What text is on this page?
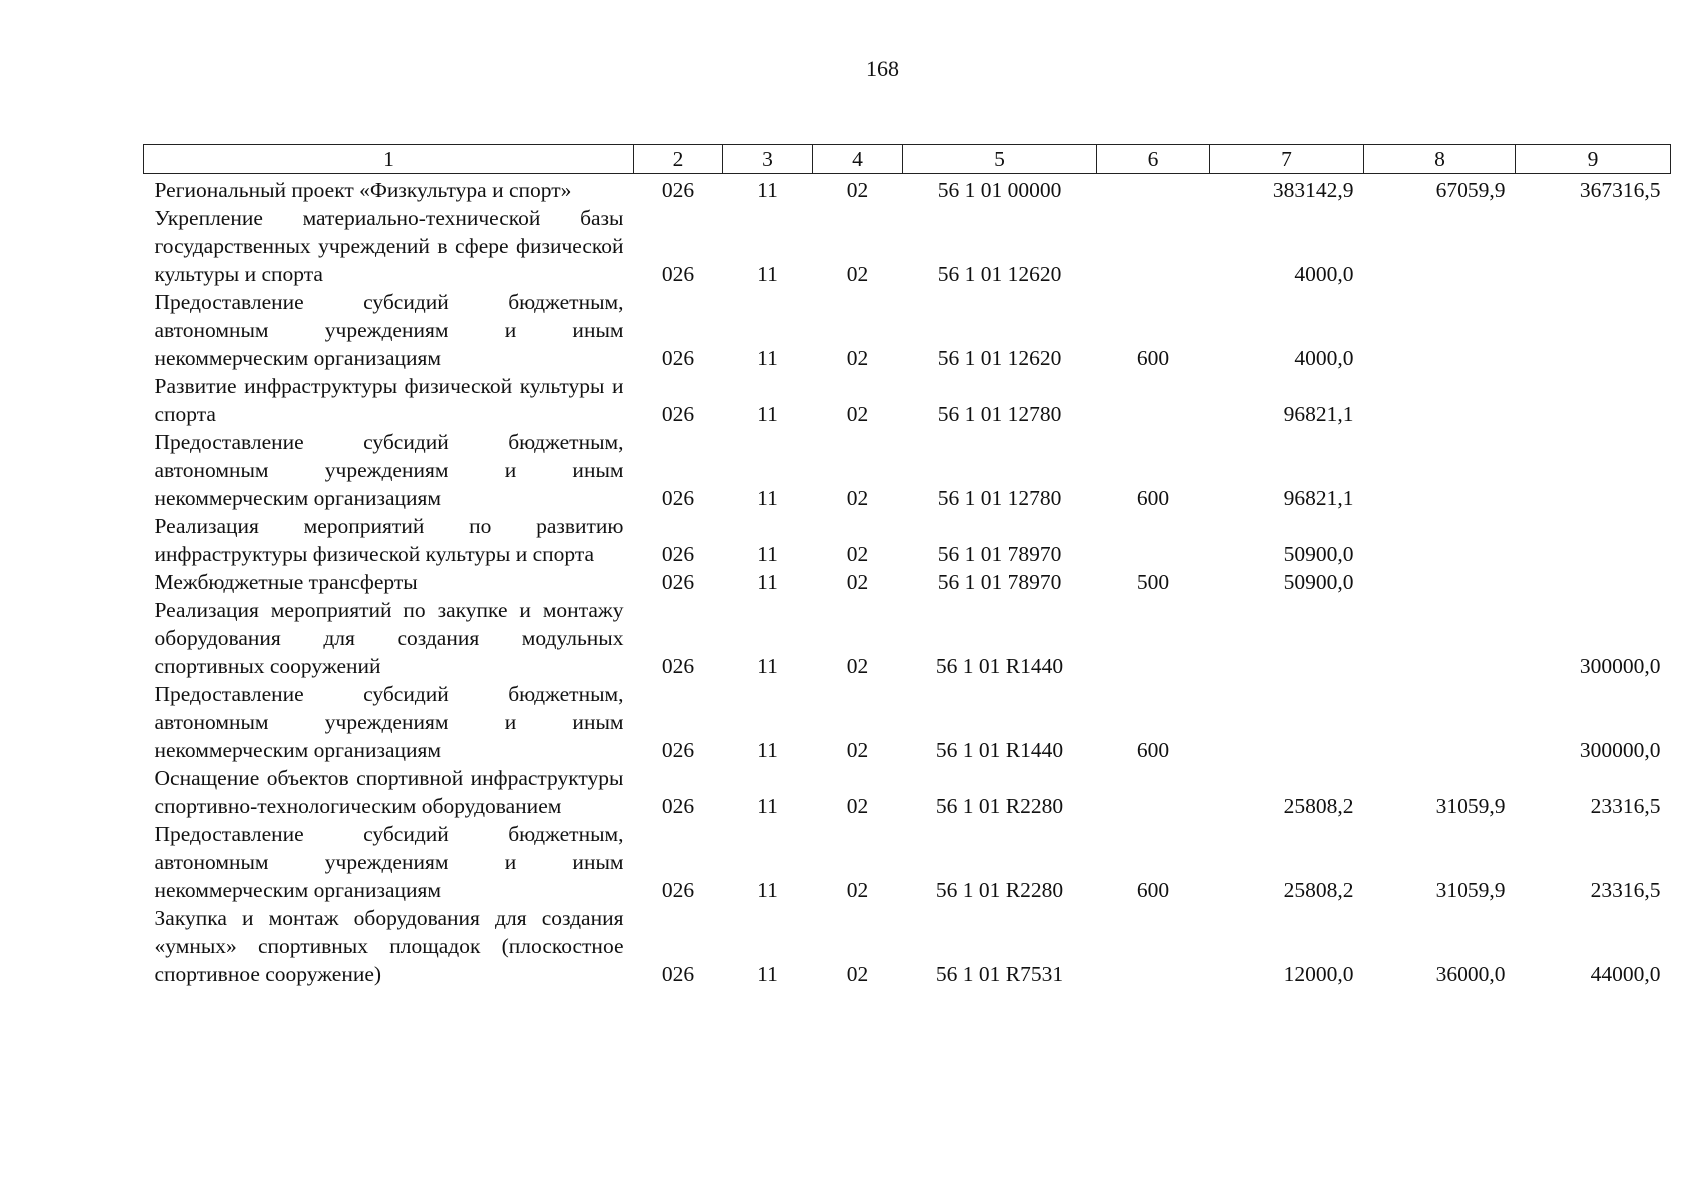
168
1	2	3	4	5	6	7	8	9
Региональный проект «Физкультура и спорт»	026	11	02	56 1 01 00000		383142,9	67059,9	367316,5
Укрепление материально-технической базы государственных учреждений в сфере физической культуры и спорта	026	11	02	56 1 01 12620		4000,0		
Предоставление субсидий бюджетным, автономным учреждениям и иным некоммерческим организациям	026	11	02	56 1 01 12620	600	4000,0		
Развитие инфраструктуры физической культуры и спорта	026	11	02	56 1 01 12780		96821,1		
Предоставление субсидий бюджетным, автономным учреждениям и иным некоммерческим организациям	026	11	02	56 1 01 12780	600	96821,1		
Реализация мероприятий по развитию инфраструктуры физической культуры и спорта	026	11	02	56 1 01 78970		50900,0		
Межбюджетные трансферты	026	11	02	56 1 01 78970	500	50900,0		
Реализация мероприятий по закупке и монтажу оборудования для создания модульных спортивных сооружений	026	11	02	56 1 01 R1440				300000,0
Предоставление субсидий бюджетным, автономным учреждениям и иным некоммерческим организациям	026	11	02	56 1 01 R1440	600			300000,0
Оснащение объектов спортивной инфраструктуры спортивно-технологическим оборудованием	026	11	02	56 1 01 R2280		25808,2	31059,9	23316,5
Предоставление субсидий бюджетным, автономным учреждениям и иным некоммерческим организациям	026	11	02	56 1 01 R2280	600	25808,2	31059,9	23316,5
Закупка и монтаж оборудования для создания «умных» спортивных площадок (плоскостное спортивное сооружение)	026	11	02	56 1 01 R7531		12000,0	36000,0	44000,0
